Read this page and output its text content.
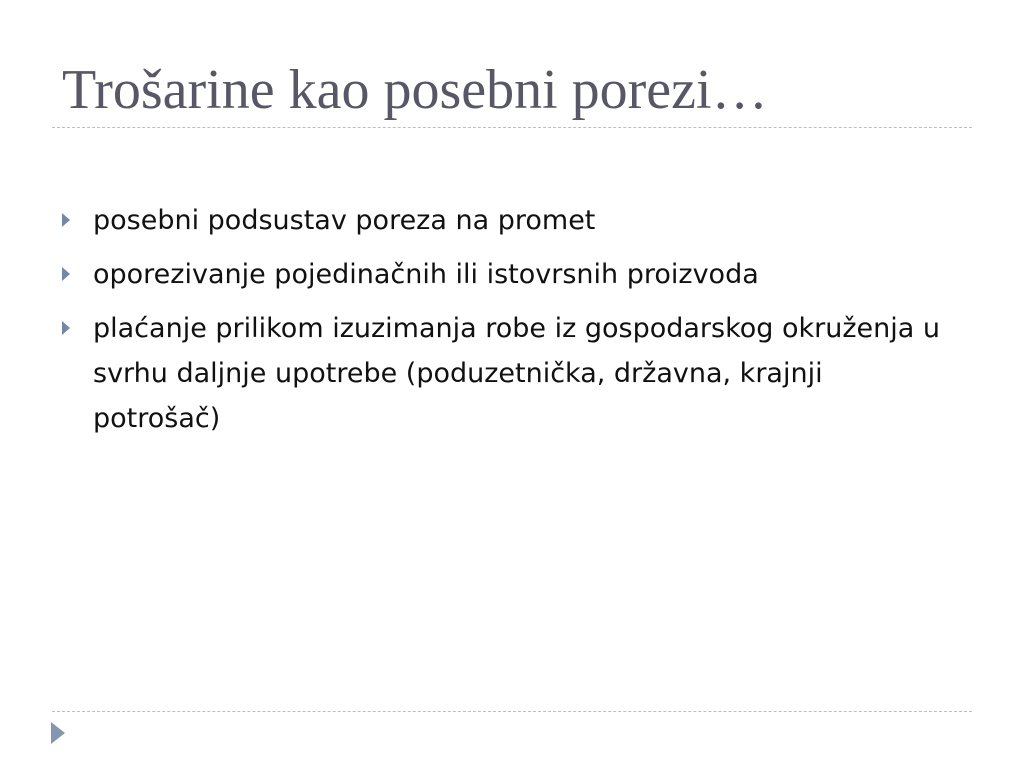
Trošarine kao posebni porezi…
posebni podsustav poreza na promet
oporezivanje pojedinačnih ili istovrsnih proizvoda
plaćanje prilikom izuzimanja robe iz gospodarskog okruženja u svrhu daljnje upotrebe (poduzetnička, državna, krajnji potrošač)
